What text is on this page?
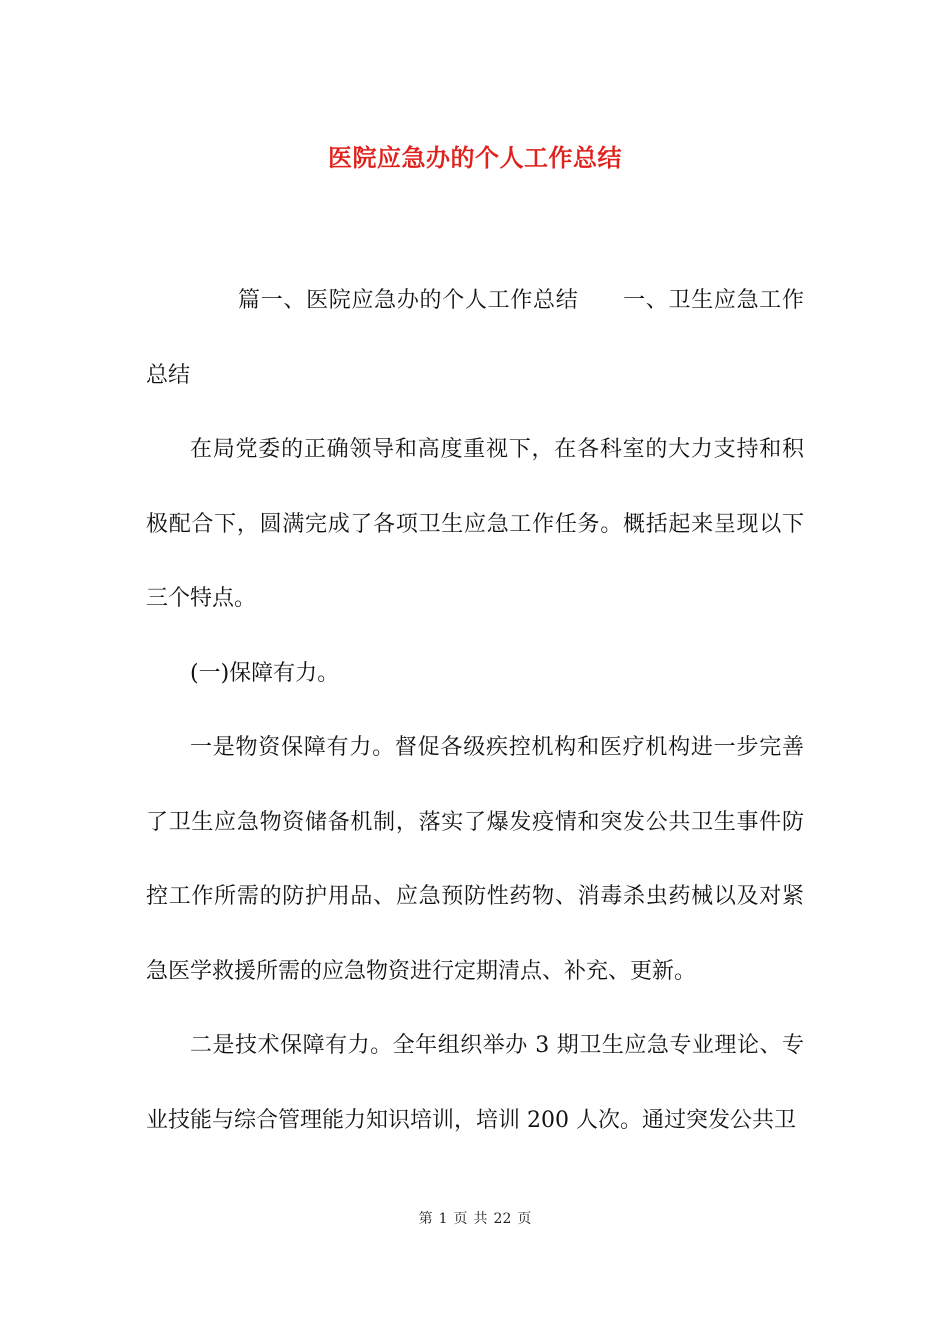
医院应急办的个人工作总结

篇一、医院应急办的个人工作总结 一、卫生应急工作总结

在局党委的正确领导和高度重视下，在各科室的大力支持和积极配合下，圆满完成了各项卫生应急工作任务。概括起来呈现以下三个特点。

(一)保障有力。

一是物资保障有力。督促各级疾控机构和医疗机构进一步完善了卫生应急物资储备机制，落实了爆发疫情和突发公共卫生事件防控工作所需的防护用品、应急预防性药物、消毒杀虫药械以及对紧急医学救援所需的应急物资进行定期清点、补充、更新。

二是技术保障有力。全年组织举办 3 期卫生应急专业理论、专业技能与综合管理能力知识培训，培训 200 人次。通过突发公共卫

第 1 页 共 22 页
